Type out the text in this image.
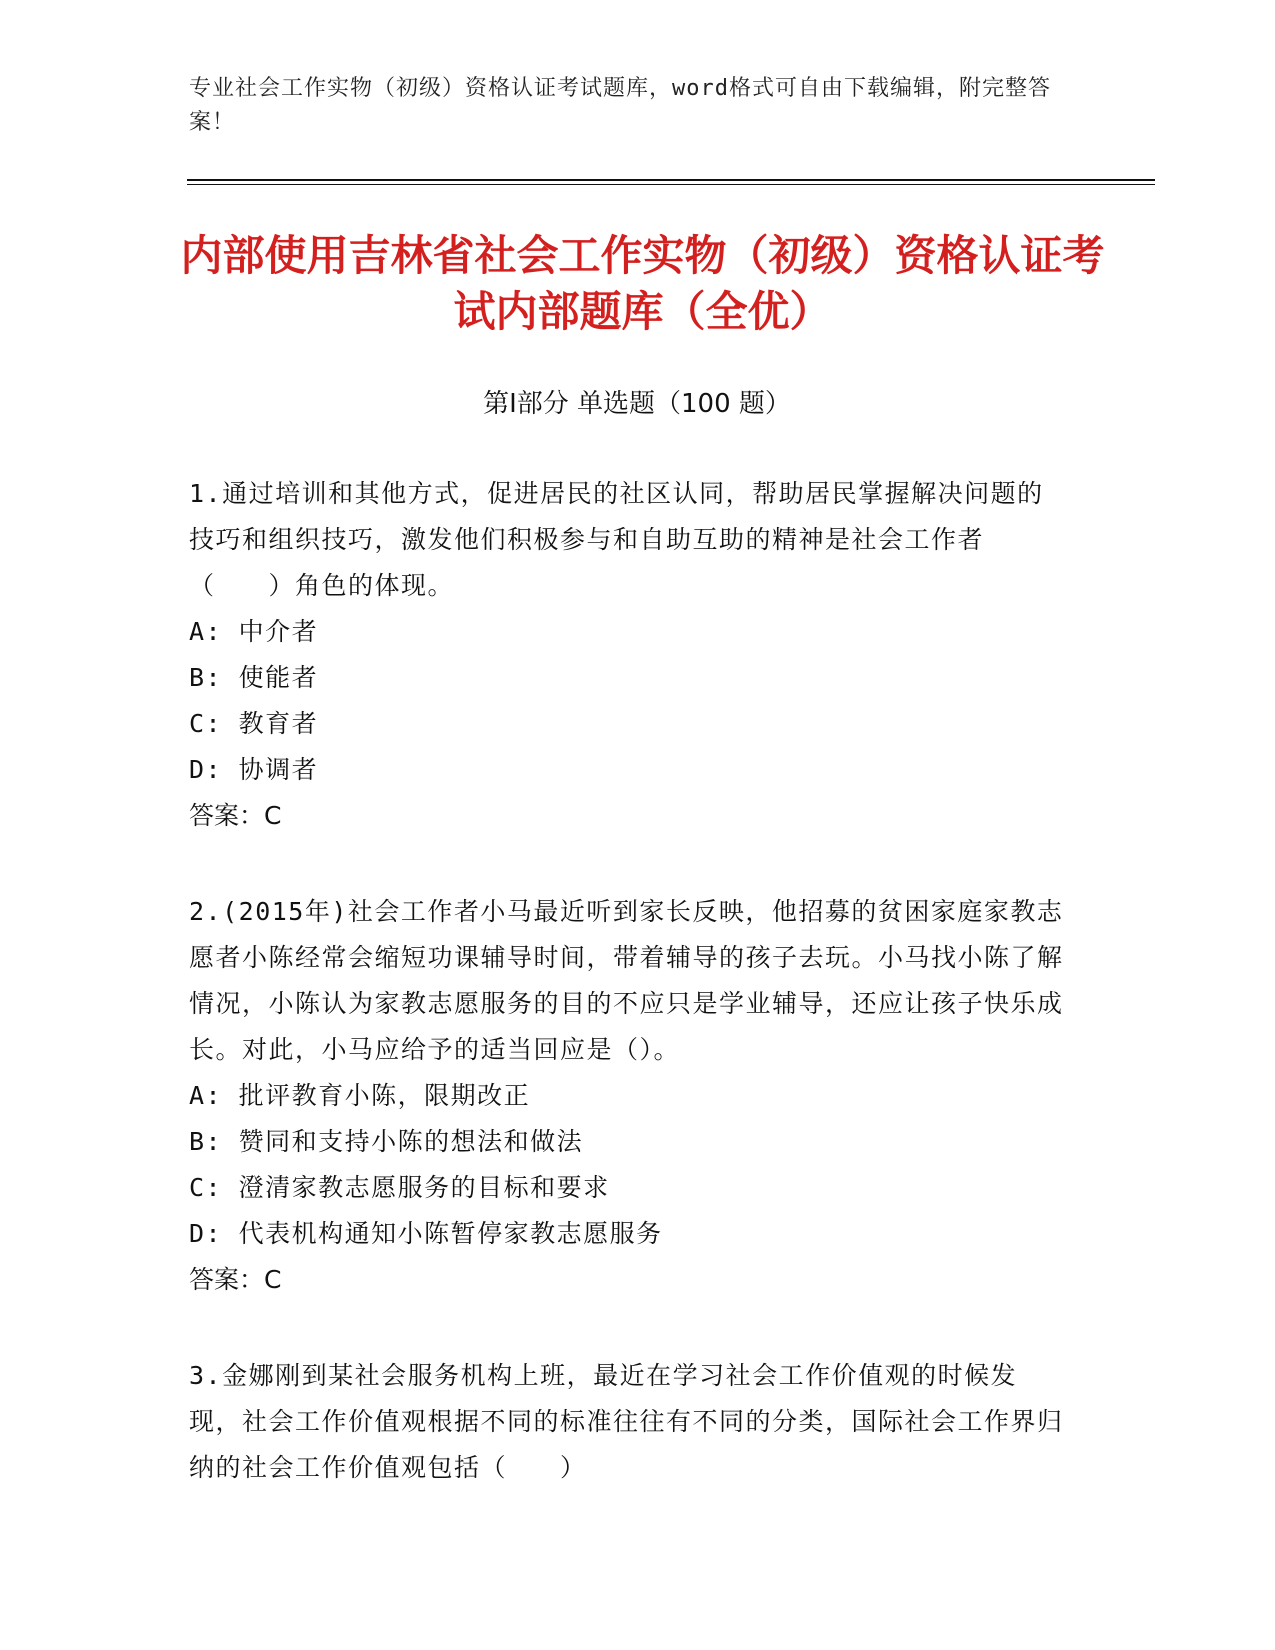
专业社会工作实物（初级）资格认证考试题库，word格式可自由下载编辑，附完整答案！
内部使用吉林省社会工作实物（初级）资格认证考试内部题库（全优）
第Ⅰ部分 单选题（100 题）
1.通过培训和其他方式，促进居民的社区认同，帮助居民掌握解决问题的技巧和组织技巧，激发他们积极参与和自助互助的精神是社会工作者（　　）角色的体现。
A: 中介者
B: 使能者
C: 教育者
D: 协调者
答案：C
2.(2015年)社会工作者小马最近听到家长反映，他招募的贫困家庭家教志愿者小陈经常会缩短功课辅导时间，带着辅导的孩子去玩。小马找小陈了解情况，小陈认为家教志愿服务的目的不应只是学业辅导，还应让孩子快乐成长。对此，小马应给予的适当回应是（）。
A: 批评教育小陈，限期改正
B: 赞同和支持小陈的想法和做法
C: 澄清家教志愿服务的目标和要求
D: 代表机构通知小陈暂停家教志愿服务
答案：C
3.金娜刚到某社会服务机构上班，最近在学习社会工作价值观的时候发现，社会工作价值观根据不同的标准往往有不同的分类，国际社会工作界归纳的社会工作价值观包括（　　）
